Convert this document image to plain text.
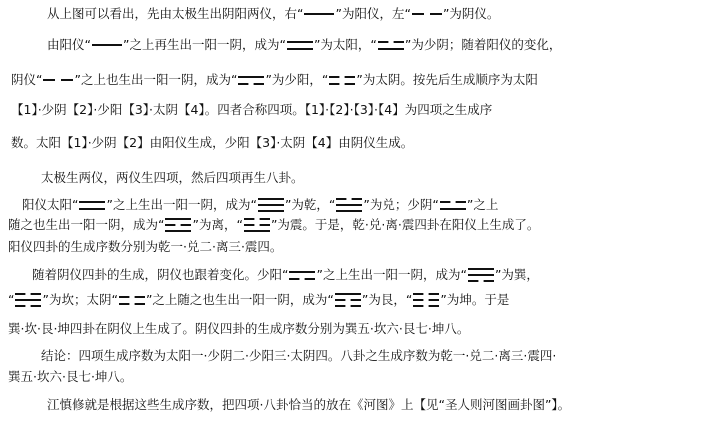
从上图可以看出，先由太极生出阴阳两仪，右“	”为阳仪，左“	”为阴仪。
由阳仪“	”之上再生出一阳一阴，成为“ ”为太阳，“ ”为少阴；随着阳仪的变化，
阴仪“	”之上也生出一阳一阴，成为“ ”为少阳，“ ”为太阴。按先后生成顺序为太阳
【1】·少阴【2】·少阳【3】·太阴【4】。四者合称四项。【1】·【2】·【3】·【4】为四项之生成序
数。太阳【1】·少阴【2】由阳仪生成，少阳【3】·太阴【4】由阴仪生成。
太极生两仪，两仪生四项，然后四项再生八卦。
阳仪太阳“ ”之上生出一阳一阴，成为“ ”为乾，“ ”为兑；少阴“ ”之上
随之也生出一阳一阴，成为“ ”为离，“ ”为震。于是，乾·兑·离·震四卦在阳仪上生成了。
阳仪四卦的生成序数分别为乾一·兑二·离三·震四。
随着阴仪四卦的生成，阴仪也跟着变化。少阳“ ”之上生出一阳一阴，成为“ ”为巽，
“ ”为坎；太阴“ ”之上随之也生出一阳一阴，成为“ ”为艮，“ ”为坤。于是
巽·坎·艮·坤四卦在阴仪上生成了。阴仪四卦的生成序数分别为巽五·坎六·艮七·坤八。
结论：四项生成序数为太阳一·少阴二·少阳三·太阴四。八卦之生成序数为乾一·兑二·离三·震四·
巽五·坎六·艮七·坤八。
江慎修就是根据这些生成序数，把四项·八卦恰当的放在《河图》上【见“圣人则河图画卦图”】。
